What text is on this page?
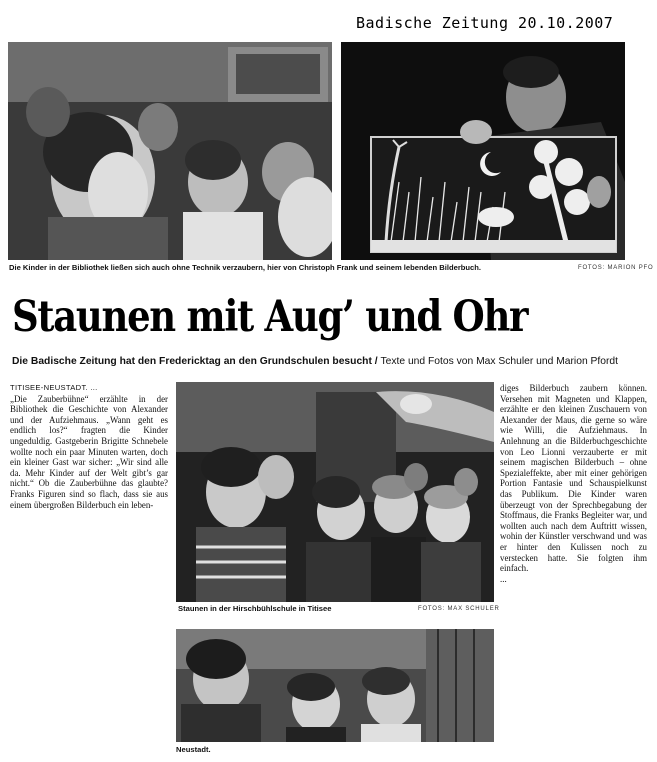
Badische Zeitung 20.10.2007
Die Kinder in der Bibliothek ließen sich auch ohne Technik verzaubern, hier von Christoph Frank und seinem lebenden Bilderbuch.	FOTOS: MARION PFO
Staunen mit Aug’ und Ohr
Die Badische Zeitung hat den Fredericktag an den Grundschulen besucht / Texte und Fotos von Max Schuler und Marion Pfordt

TITISEE-NEUSTADT. ...

„Die Zauberbühne“ erzählte in der Bibliothek die Geschichte von Alexander und der Aufziehmaus. „Wann geht es endlich los?“ fragten die Kinder ungeduldig. Gastgeberin Brigitte Schnebele wollte noch ein paar Minuten warten, doch ein kleiner Gast war sicher: „Wir sind alle da. Mehr Kinder auf der Welt gibt’s gar nicht.“ Ob die Zauberbühne das glaubte? Franks Figuren sind so flach, dass sie aus einem übergroßen Bilderbuch ein leben-

Staunen in der Hirschbühlschule in Titisee	FOTOS: MAX SCHULER

diges Bilderbuch zaubern können. Versehen mit Magneten und Klappen, erzählte er den kleinen Zuschauern von Alexander der Maus, die gerne so wäre wie Willi, die Aufziehmaus. In Anlehnung an die Bilderbuchgeschichte von Leo Lionni verzauberte er mit seinem magischen Bilderbuch – ohne Spezialeffekte, aber mit einer gehörigen Portion Fantasie und Schauspielkunst das Publikum. Die Kinder waren überzeugt von der Sprechbegabung der Stoffmaus, die Franks Begleiter war, und wollten auch nach dem Auftritt wissen, wohin der Künstler verschwand und was er hinter den Kulissen noch zu verstecken hatte. Sie folgten ihm einfach.

...

Neustadt.
